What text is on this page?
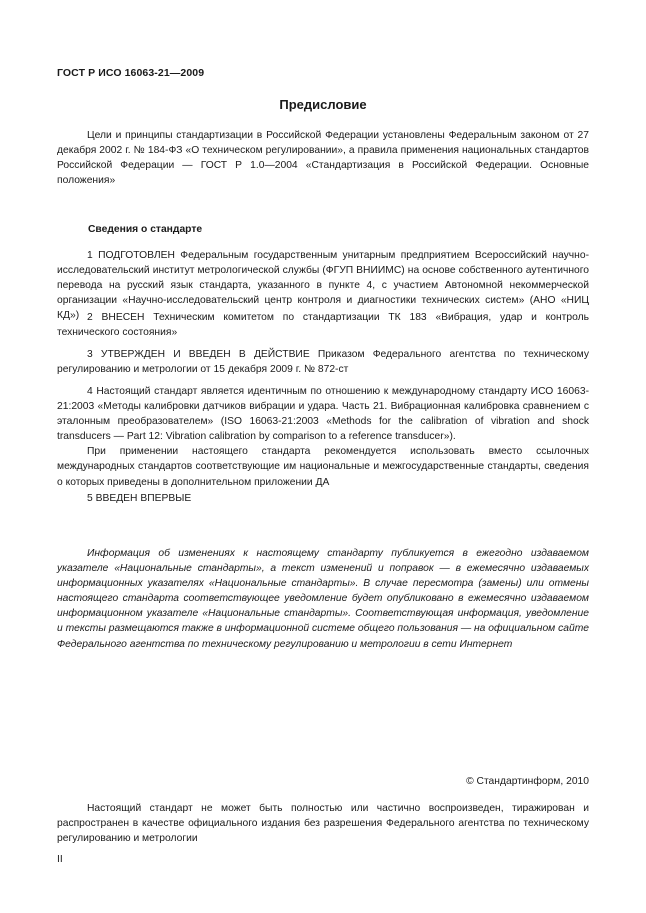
ГОСТ Р ИСО 16063-21—2009
Предисловие

Цели и принципы стандартизации в Российской Федерации установлены Федеральным законом от 27 декабря 2002 г. № 184-ФЗ «О техническом регулировании», а правила применения национальных стандартов Российской Федерации — ГОСТ Р 1.0—2004 «Стандартизация в Российской Федерации. Основные положения»

Сведения о стандарте

1 ПОДГОТОВЛЕН Федеральным государственным унитарным предприятием Всероссийский научно-исследовательский институт метрологической службы (ФГУП ВНИИМС) на основе собственного аутентичного перевода на русский язык стандарта, указанного в пункте 4, с участием Автономной некоммерческой организации «Научно-исследовательский центр контроля и диагностики технических систем» (АНО «НИЦ КД») 2 ВНЕСЕН Техническим комитетом по стандартизации ТК 183 «Вибрация, удар и контроль технического состояния»

3 УТВЕРЖДЕН И ВВЕДЕН В ДЕЙСТВИЕ Приказом Федерального агентства по техническому регулированию и метрологии от 15 декабря 2009 г. № 872-ст

4 Настоящий стандарт является идентичным по отношению к международному стандарту ИСО 16063-21:2003 «Методы калибровки датчиков вибрации и удара. Часть 21. Вибрационная калибровка сравнением с эталонным преобразователем» (ISO 16063-21:2003 «Methods for the calibration of vibration and shock transducers — Part 12: Vibration calibration by comparison to a reference transducer»).

При применении настоящего стандарта рекомендуется использовать вместо ссылочных международных стандартов соответствующие им национальные и межгосударственные стандарты, сведения о которых приведены в дополнительном приложении ДА

5 ВВЕДЕН ВПЕРВЫЕ

Информация об изменениях к настоящему стандарту публикуется в ежегодно издаваемом указателе «Национальные стандарты», а текст изменений и поправок — в ежемесячно издаваемых информационных указателях «Национальные стандарты». В случае пересмотра (замены) или отмены настоящего стандарта соответствующее уведомление будет опубликовано в ежемесячно издаваемом информационном указателе «Национальные стандарты». Соответствующая информация, уведомление и тексты размещаются также в информационной системе общего пользования — на официальном сайте Федерального агентства по техническому регулированию и метрологии в сети Интернет

© Стандартинформ, 2010

Настоящий стандарт не может быть полностью или частично воспроизведен, тиражирован и распространен в качестве официального издания без разрешения Федерального агентства по техническому регулированию и метрологии

II
